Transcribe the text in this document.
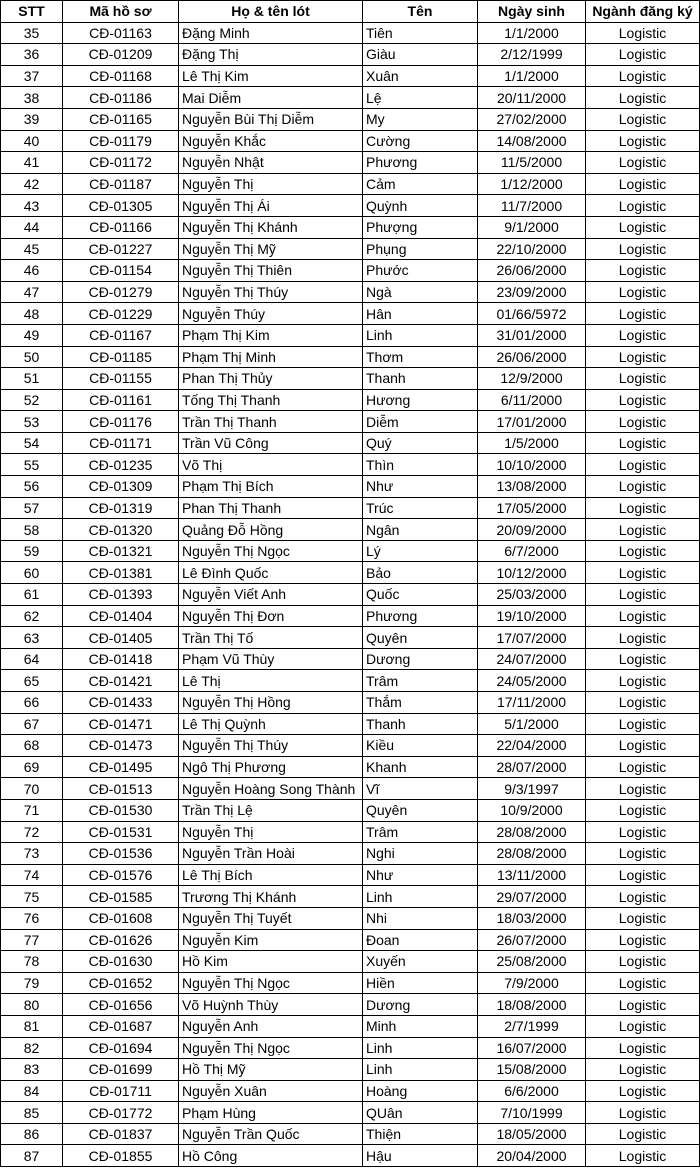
STT	Mã hồ sơ	Họ & tên lót	Tên	Ngày sinh	Ngành đăng ký
35	CĐ-01163	Đặng Minh	Tiên	1/1/2000	Logistic
36	CĐ-01209	Đặng Thị	Giàu	2/12/1999	Logistic
37	CĐ-01168	Lê Thị Kim	Xuân	1/1/2000	Logistic
38	CĐ-01186	Mai Diễm	Lệ	20/11/2000	Logistic
39	CĐ-01165	Nguyễn Bùi Thị Diễm	My	27/02/2000	Logistic
40	CĐ-01179	Nguyễn Khắc	Cường	14/08/2000	Logistic
41	CĐ-01172	Nguyễn Nhật	Phương	11/5/2000	Logistic
42	CĐ-01187	Nguyễn Thị	Cảm	1/12/2000	Logistic
43	CĐ-01305	Nguyễn Thị Ái	Quỳnh	11/7/2000	Logistic
44	CĐ-01166	Nguyễn Thị Khánh	Phượng	9/1/2000	Logistic
45	CĐ-01227	Nguyễn Thị Mỹ	Phụng	22/10/2000	Logistic
46	CĐ-01154	Nguyễn Thị Thiên	Phước	26/06/2000	Logistic
47	CĐ-01279	Nguyễn Thị Thúy	Ngà	23/09/2000	Logistic
48	CĐ-01229	Nguyễn Thúy	Hân	01/66/5972	Logistic
49	CĐ-01167	Phạm Thị Kim	Linh	31/01/2000	Logistic
50	CĐ-01185	Phạm Thị Minh	Thơm	26/06/2000	Logistic
51	CĐ-01155	Phan Thị Thủy	Thanh	12/9/2000	Logistic
52	CĐ-01161	Tống Thị Thanh	Hương	6/11/2000	Logistic
53	CĐ-01176	Trần Thị Thanh	Diễm	17/01/2000	Logistic
54	CĐ-01171	Trần Vũ Công	Quý	1/5/2000	Logistic
55	CĐ-01235	Võ Thị	Thìn	10/10/2000	Logistic
56	CĐ-01309	Phạm Thị Bích	Như	13/08/2000	Logistic
57	CĐ-01319	Phan Thị Thanh	Trúc	17/05/2000	Logistic
58	CĐ-01320	Quảng Đỗ Hồng	Ngân	20/09/2000	Logistic
59	CĐ-01321	Nguyễn Thị Ngọc	Lý	6/7/2000	Logistic
60	CĐ-01381	Lê Đình Quốc	Bảo	10/12/2000	Logistic
61	CĐ-01393	Nguyễn Viết Anh	Quốc	25/03/2000	Logistic
62	CĐ-01404	Nguyễn Thị Đơn	Phương	19/10/2000	Logistic
63	CĐ-01405	Trần Thị Tố	Quyên	17/07/2000	Logistic
64	CĐ-01418	Phạm Vũ Thùy	Dương	24/07/2000	Logistic
65	CĐ-01421	Lê Thị	Trâm	24/05/2000	Logistic
66	CĐ-01433	Nguyễn Thị Hồng	Thắm	17/11/2000	Logistic
67	CĐ-01471	Lê Thị Quỳnh	Thanh	5/1/2000	Logistic
68	CĐ-01473	Nguyễn Thị Thúy	Kiều	22/04/2000	Logistic
69	CĐ-01495	Ngô Thị Phương	Khanh	28/07/2000	Logistic
70	CĐ-01513	Nguyễn Hoàng Song Thành	Vĩ	9/3/1997	Logistic
71	CĐ-01530	Trần Thị Lệ	Quyên	10/9/2000	Logistic
72	CĐ-01531	Nguyễn Thị	Trâm	28/08/2000	Logistic
73	CĐ-01536	Nguyễn Trần Hoài	Nghi	28/08/2000	Logistic
74	CĐ-01576	Lê Thị Bích	Như	13/11/2000	Logistic
75	CĐ-01585	Trương Thị Khánh	Linh	29/07/2000	Logistic
76	CĐ-01608	Nguyễn Thị Tuyết	Nhi	18/03/2000	Logistic
77	CĐ-01626	Nguyễn Kim	Đoan	26/07/2000	Logistic
78	CĐ-01630	Hồ Kim	Xuyến	25/08/2000	Logistic
79	CĐ-01652	Nguyễn Thị Ngọc	Hiền	7/9/2000	Logistic
80	CĐ-01656	Võ Huỳnh Thùy	Dương	18/08/2000	Logistic
81	CĐ-01687	Nguyễn Anh	Minh	2/7/1999	Logistic
82	CĐ-01694	Nguyễn Thị Ngọc	Linh	16/07/2000	Logistic
83	CĐ-01699	Hồ Thị Mỹ	Linh	15/08/2000	Logistic
84	CĐ-01711	Nguyễn Xuân	Hoàng	6/6/2000	Logistic
85	CĐ-01772	Phạm Hùng	QUân	7/10/1999	Logistic
86	CĐ-01837	Nguyễn Trần Quốc	Thiện	18/05/2000	Logistic
87	CĐ-01855	Hồ Công	Hậu	20/04/2000	Logistic
